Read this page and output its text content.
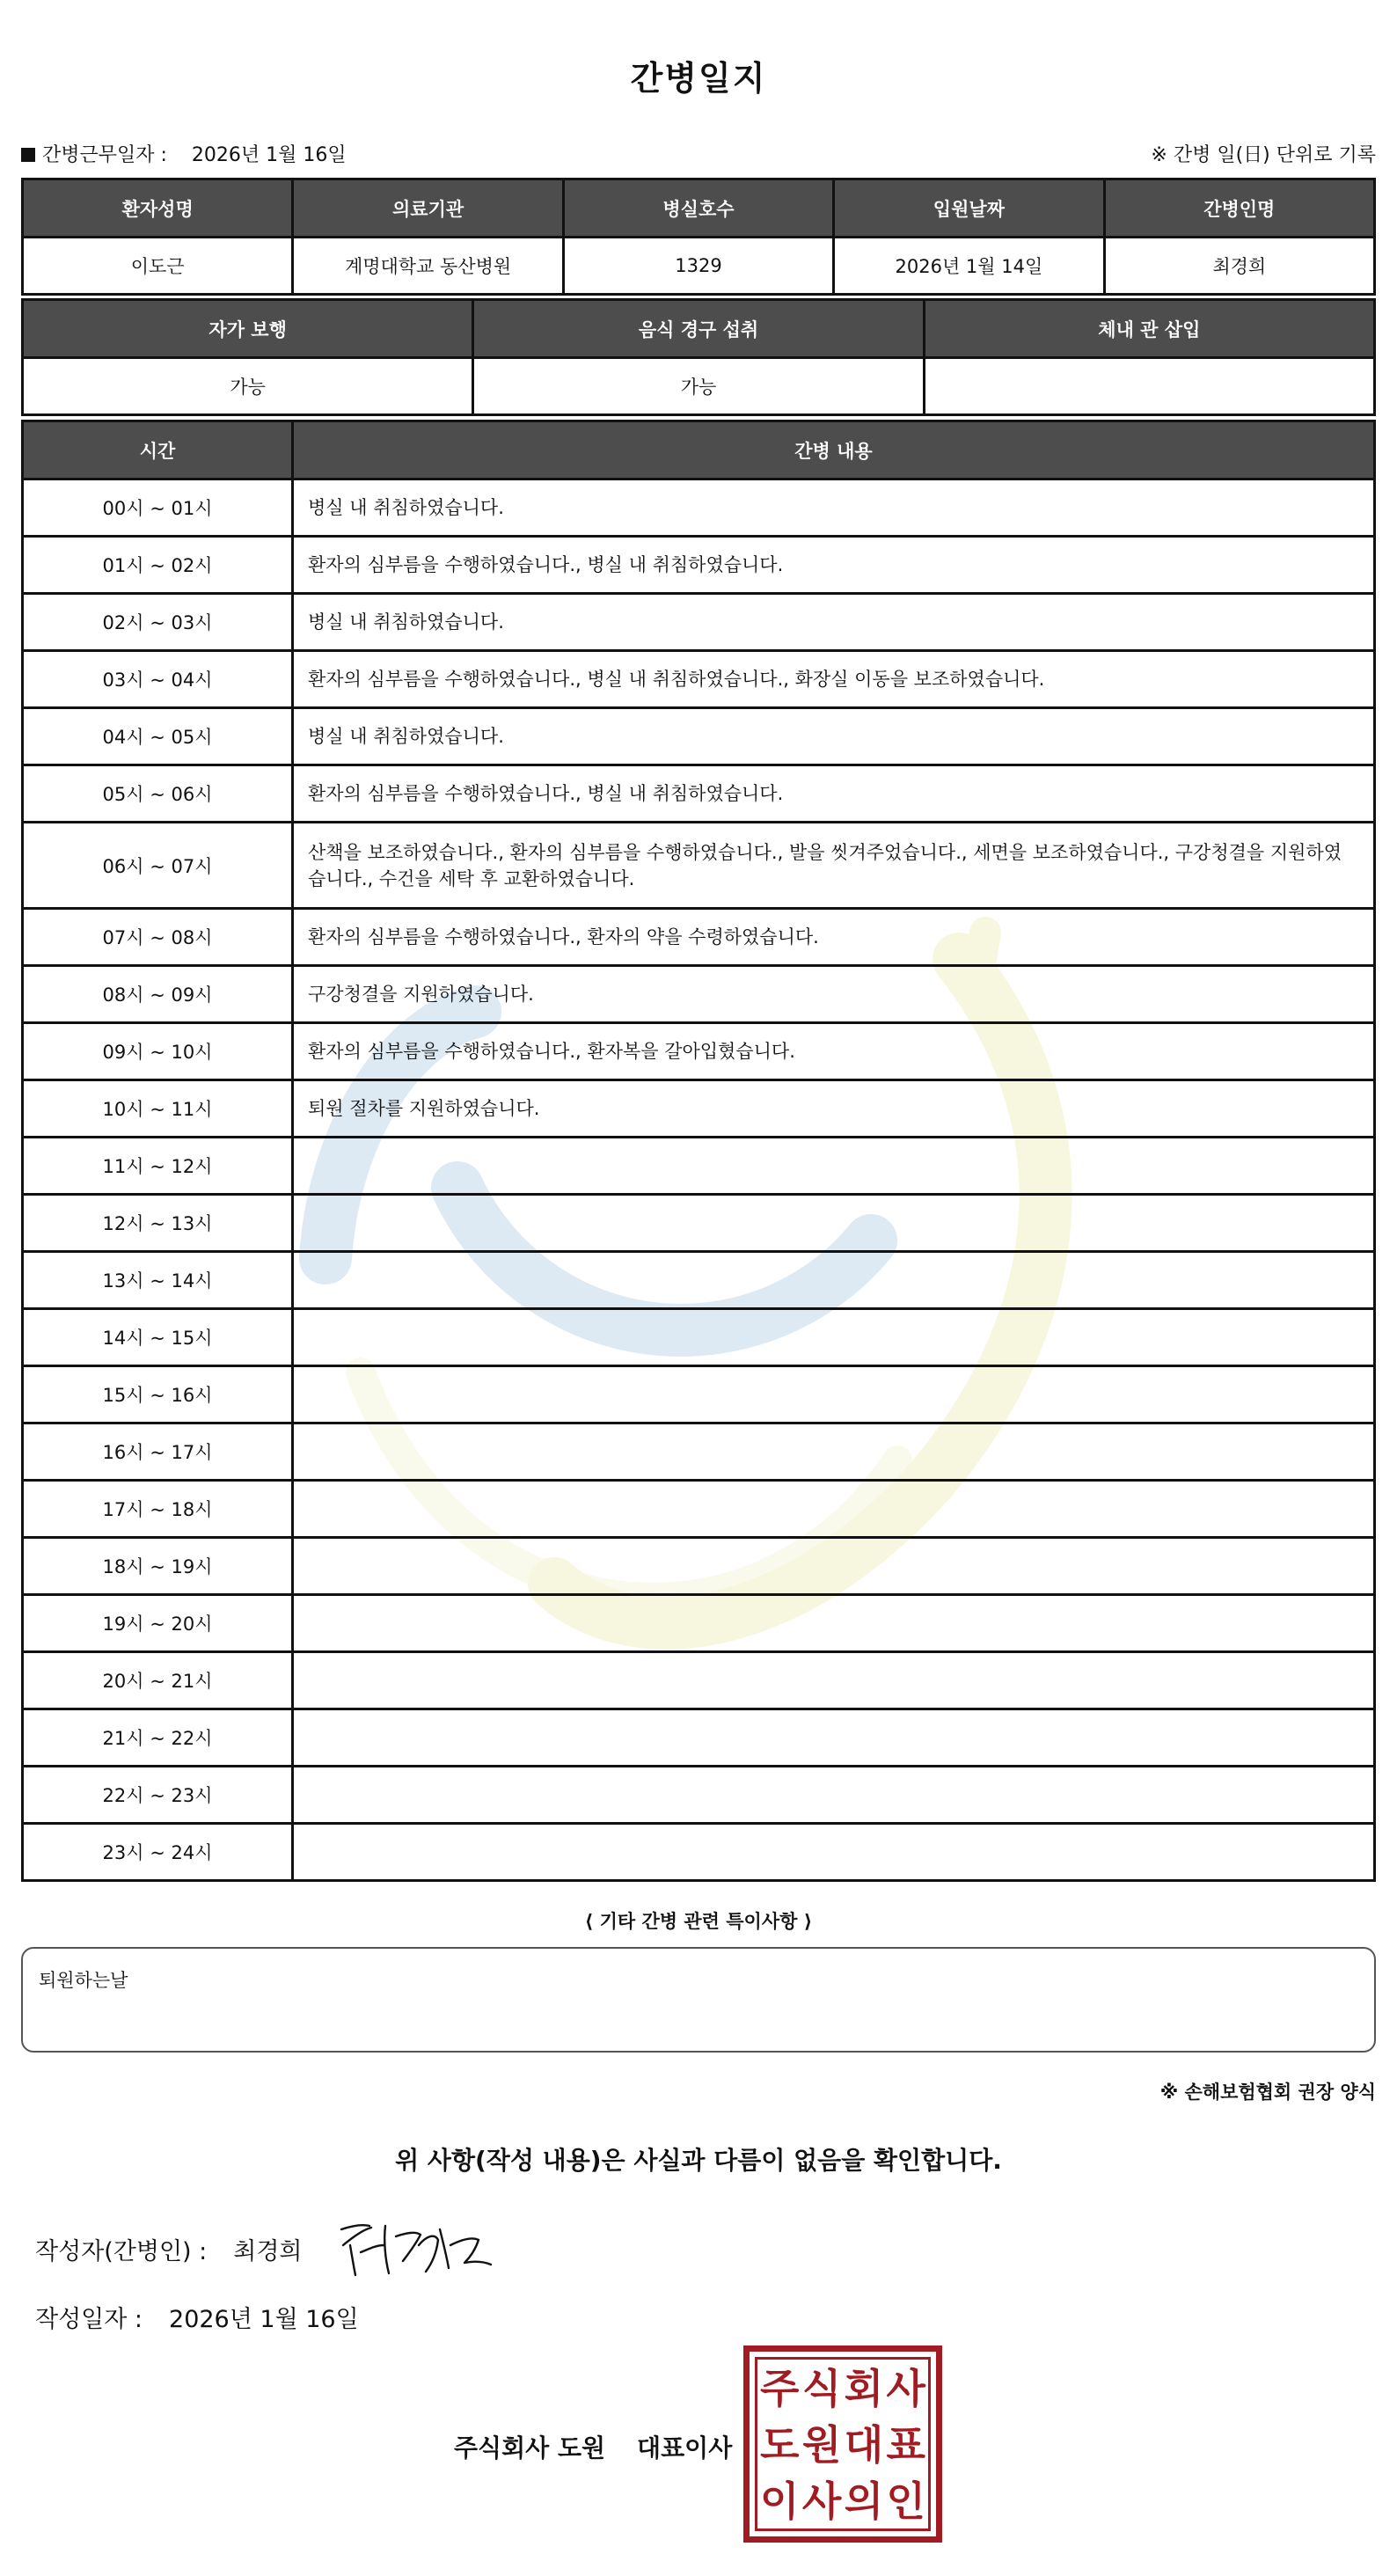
간병일지
간병근무일자 : 2026년 1월 16일	※ 간병 일(日) 단위로 기록
환자성명	의료기관	병실호수	입원날짜	간병인명
이도근	계명대학교 동산병원	1329	2026년 1월 14일	최경희
자가 보행	음식 경구 섭취	체내 관 삽입
가능	가능	
시간	간병 내용
00시 ~ 01시	병실 내 취침하였습니다.
01시 ~ 02시	환자의 심부름을 수행하였습니다., 병실 내 취침하였습니다.
02시 ~ 03시	병실 내 취침하였습니다.
03시 ~ 04시	환자의 심부름을 수행하였습니다., 병실 내 취침하였습니다., 화장실 이동을 보조하였습니다.
04시 ~ 05시	병실 내 취침하였습니다.
05시 ~ 06시	환자의 심부름을 수행하였습니다., 병실 내 취침하였습니다.
06시 ~ 07시	산책을 보조하였습니다., 환자의 심부름을 수행하였습니다., 발을 씻겨주었습니다., 세면을 보조하였습니다., 구강청결을 지원하였습니다., 수건을 세탁 후 교환하였습니다.
07시 ~ 08시	환자의 심부름을 수행하였습니다., 환자의 약을 수령하였습니다.
08시 ~ 09시	구강청결을 지원하였습니다.
09시 ~ 10시	환자의 심부름을 수행하였습니다., 환자복을 갈아입혔습니다.
10시 ~ 11시	퇴원 절차를 지원하였습니다.
11시 ~ 12시	
12시 ~ 13시	
13시 ~ 14시	
14시 ~ 15시	
15시 ~ 16시	
16시 ~ 17시	
17시 ~ 18시	
18시 ~ 19시	
19시 ~ 20시	
20시 ~ 21시	
21시 ~ 22시	
22시 ~ 23시	
23시 ~ 24시	
⟨ 기타 간병 관련 특이사항 ⟩
퇴원하는날
※ 손해보험협회 권장 양식
위 사항(작성 내용)은 사실과 다름이 없음을 확인합니다.
작성자(간병인) : 최경희
작성일자 : 2026년 1월 16일
주식회사 도원 대표이사
주 식 회 사
도 원 대 표
이 사 의 인
